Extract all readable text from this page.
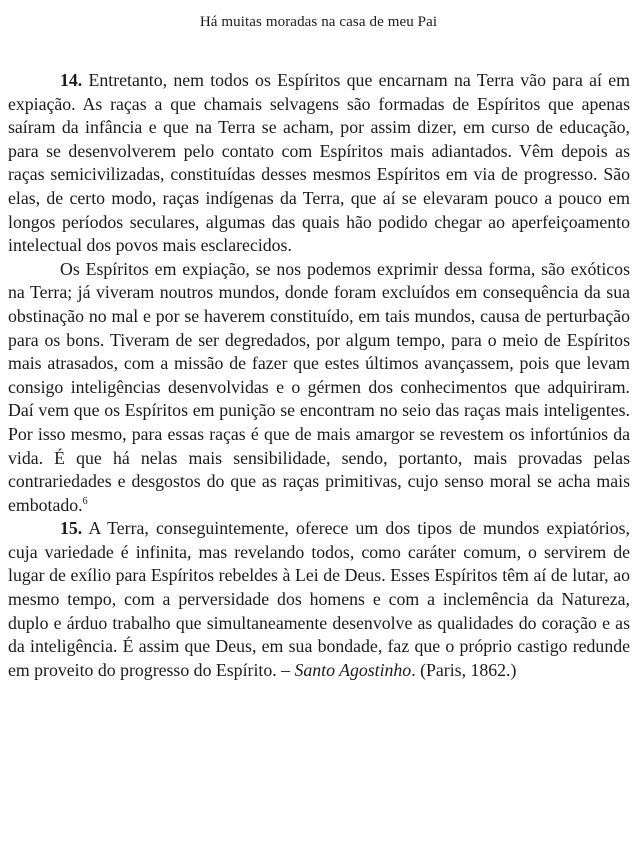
Há muitas moradas na casa de meu Pai

14. Entretanto, nem todos os Espíritos que encarnam na Terra vão para aí em expiação. As raças a que chamais selvagens são formadas de Espíritos que apenas saíram da infância e que na Terra se acham, por assim dizer, em curso de educação, para se desenvolverem pelo contato com Espíritos mais adiantados. Vêm depois as raças semicivilizadas, constituídas desses mesmos Espíritos em via de progresso. São elas, de certo modo, raças indígenas da Terra, que aí se elevaram pouco a pouco em longos períodos seculares, algumas das quais hão podido chegar ao aperfeiçoamento intelectual dos povos mais esclarecidos.

Os Espíritos em expiação, se nos podemos exprimir dessa forma, são exóticos na Terra; já viveram noutros mundos, donde foram excluídos em consequência da sua obstinação no mal e por se haverem constituído, em tais mundos, causa de perturbação para os bons. Tiveram de ser degredados, por algum tempo, para o meio de Espíritos mais atrasados, com a missão de fazer que estes últimos avançassem, pois que levam consigo inteligências desenvolvidas e o gérmen dos conhecimentos que adquiriram. Daí vem que os Espíritos em punição se encontram no seio das raças mais inteligentes. Por isso mesmo, para essas raças é que de mais amargor se revestem os infortúnios da vida. É que há nelas mais sensibilidade, sendo, portanto, mais provadas pelas contrariedades e desgostos do que as raças primitivas, cujo senso moral se acha mais embotado.$^6$

15. A Terra, conseguintemente, oferece um dos tipos de mundos expiatórios, cuja variedade é infinita, mas revelando todos, como caráter comum, o servirem de lugar de exílio para Espíritos rebeldes à Lei de Deus. Esses Espíritos têm aí de lutar, ao mesmo tempo, com a perversidade dos homens e com a inclemência da Natureza, duplo e árduo trabalho que simultaneamente desenvolve as qualidades do coração e as da inteligência. É assim que Deus, em sua bondade, faz que o próprio castigo redunde em proveito do progresso do Espírito. – Santo Agostinho. (Paris, 1862.)
